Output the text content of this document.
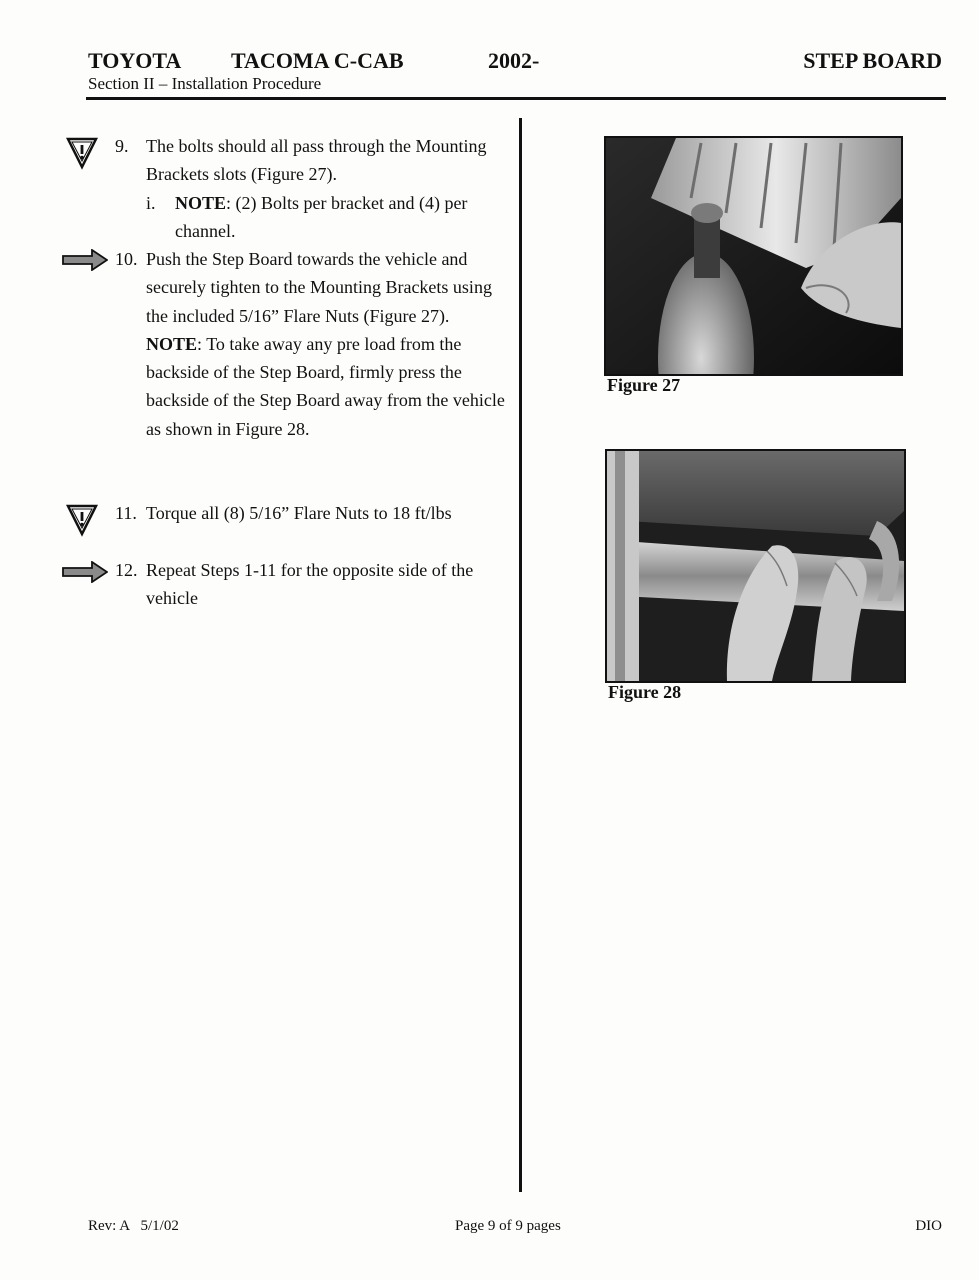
TOYOTA TACOMA C-CAB	2002-	STEP BOARD
Section II – Installation Procedure
9. The bolts should all pass through the Mounting Brackets slots (Figure 27).
i. NOTE: (2) Bolts per bracket and (4) per channel.
10. Push the Step Board towards the vehicle and securely tighten to the Mounting Brackets using the included 5/16” Flare Nuts (Figure 27).
NOTE: To take away any pre load from the backside of the Step Board, firmly press the backside of the Step Board away from the vehicle as shown in Figure 28.
11. Torque all (8) 5/16” Flare Nuts to 18 ft/lbs
12. Repeat Steps 1-11 for the opposite side of the vehicle
Figure 27
Figure 28
Rev: A   5/1/02	Page 9 of 9 pages	DIO
